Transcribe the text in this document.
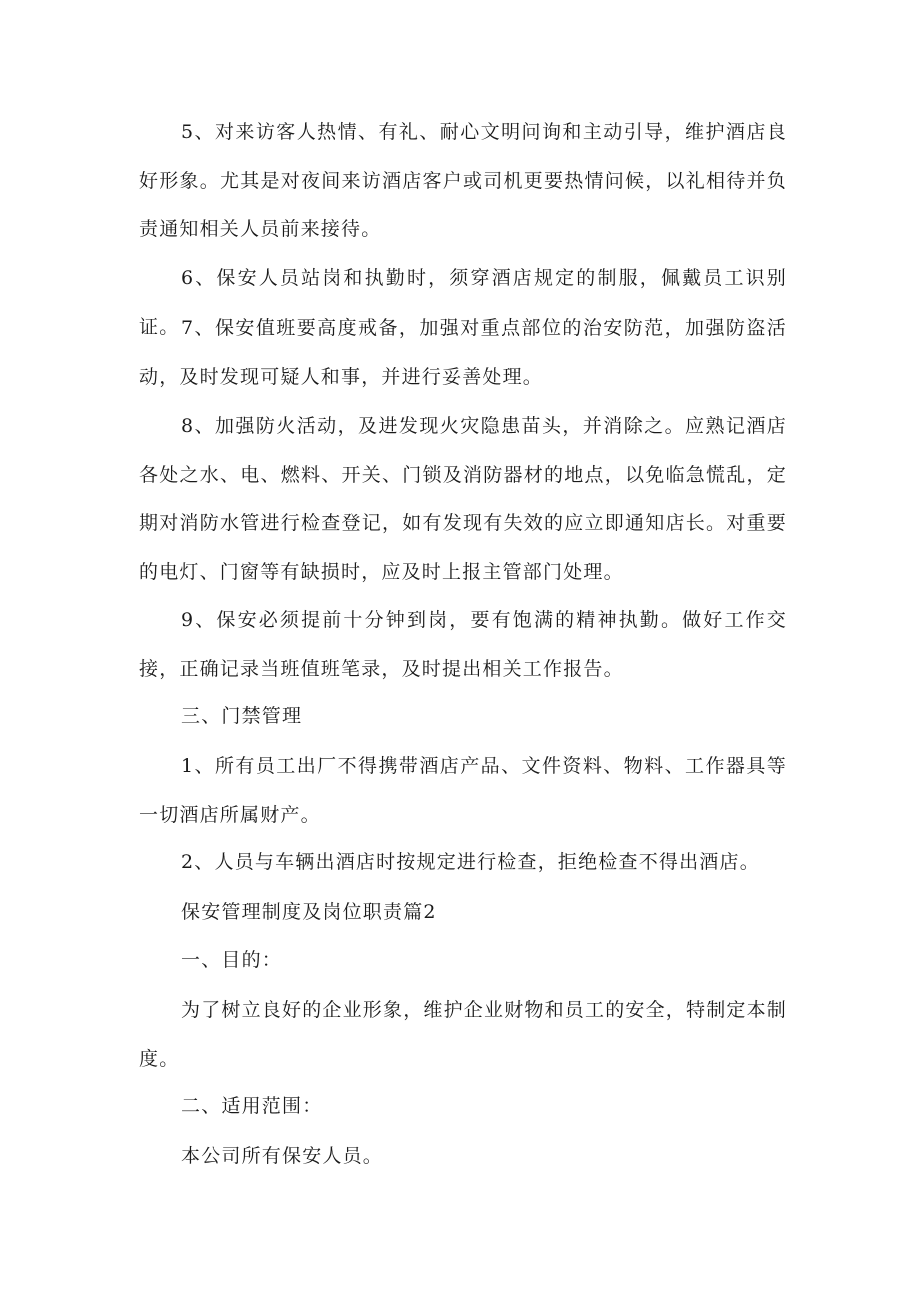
5、对来访客人热情、有礼、耐心文明问询和主动引导，维护酒店良好形象。尤其是对夜间来访酒店客户或司机更要热情问候，以礼相待并负责通知相关人员前来接待。

6、保安人员站岗和执勤时，须穿酒店规定的制服，佩戴员工识别证。 7、保安值班要高度戒备，加强对重点部位的治安防范，加强防盗活动，及时发现可疑人和事，并进行妥善处理。

8、加强防火活动，及进发现火灾隐患苗头，并消除之。应熟记酒店各处之水、电、燃料、开关、门锁及消防器材的地点，以免临急慌乱，定期对消防水管进行检查登记，如有发现有失效的应立即通知店长。对重要的电灯、门窗等有缺损时，应及时上报主管部门处理。

9、保安必须提前十分钟到岗，要有饱满的精神执勤。做好工作交接，正确记录当班值班笔录，及时提出相关工作报告。

三、门禁管理

1、所有员工出厂不得携带酒店产品、文件资料、物料、工作器具等一切酒店所属财产。

2、人员与车辆出酒店时按规定进行检查，拒绝检查不得出酒店。

保安管理制度及岗位职责篇2

一、目的：

为了树立良好的企业形象，维护企业财物和员工的安全，特制定本制度。

二、适用范围：

本公司所有保安人员。
